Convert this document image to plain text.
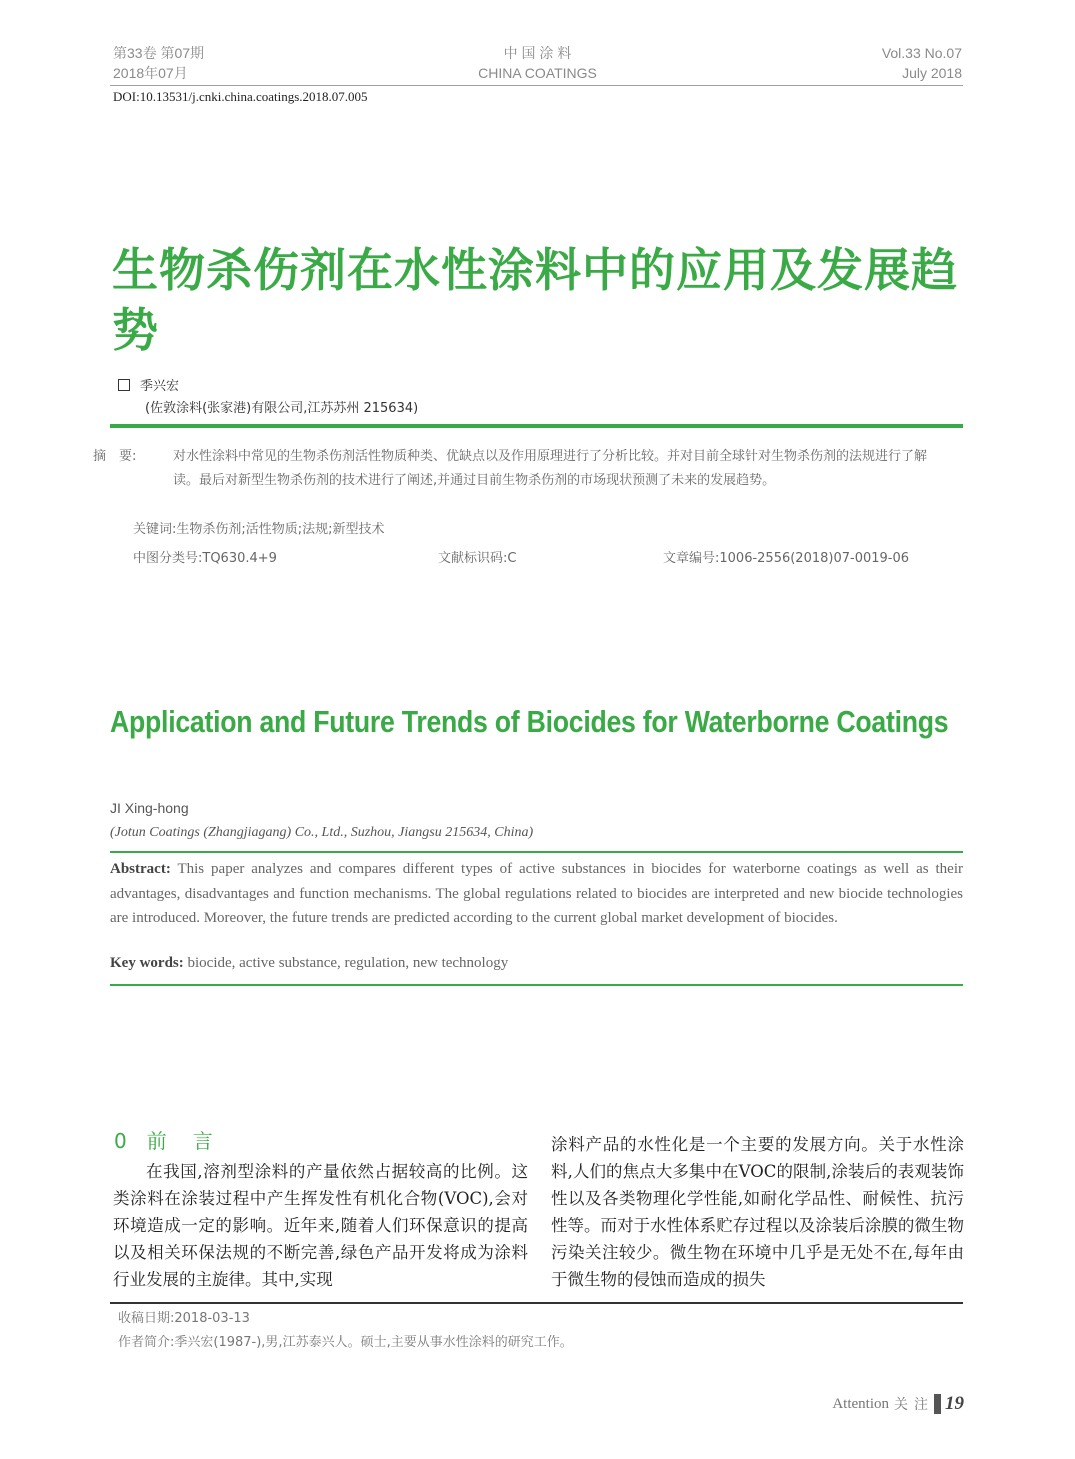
第33卷 第07期
2018年07月
中 国 涂 料
CHINA COATINGS
Vol.33 No.07
July 2018
DOI:10.13531/j.cnki.china.coatings.2018.07.005
生物杀伤剂在水性涂料中的应用及发展趋势
季兴宏
(佐敦涂料(张家港)有限公司,江苏苏州 215634)
摘　要:	对水性涂料中常见的生物杀伤剂活性物质种类、优缺点以及作用原理进行了分析比较。并对目前全球针对生物杀伤剂的法规进行了解读。最后对新型生物杀伤剂的技术进行了阐述,并通过目前生物杀伤剂的市场现状预测了未来的发展趋势。
关键词:生物杀伤剂;活性物质;法规;新型技术
中图分类号:TQ630.4+9	文献标识码:C	文章编号:1006-2556(2018)07-0019-06
Application and Future Trends of Biocides for Waterborne Coatings
JI Xing-hong
(Jotun Coatings (Zhangjiagang) Co., Ltd., Suzhou, Jiangsu 215634, China)
Abstract: This paper analyzes and compares different types of active substances in biocides for waterborne coatings as well as their advantages, disadvantages and function mechanisms. The global regulations related to biocides are interpreted and new biocide technologies are introduced. Moreover, the future trends are predicted according to the current global market development of biocides.
Key words: biocide, active substance, regulation, new technology
0 前 言

在我国,溶剂型涂料的产量依然占据较高的比例。这类涂料在涂装过程中产生挥发性有机化合物(VOC),会对环境造成一定的影响。近年来,随着人们环保意识的提高以及相关环保法规的不断完善,绿色产品开发将成为涂料行业发展的主旋律。其中,实现

涂料产品的水性化是一个主要的发展方向。关于水性涂料,人们的焦点大多集中在VOC的限制,涂装后的表观装饰性以及各类物理化学性能,如耐化学品性、耐候性、抗污性等。而对于水性体系贮存过程以及涂装后涂膜的微生物污染关注较少。微生物在环境中几乎是无处不在,每年由于微生物的侵蚀而造成的损失

收稿日期:2018-03-13
作者简介:季兴宏(1987-),男,江苏泰兴人。硕士,主要从事水性涂料的研究工作。
Attention 关注 19
